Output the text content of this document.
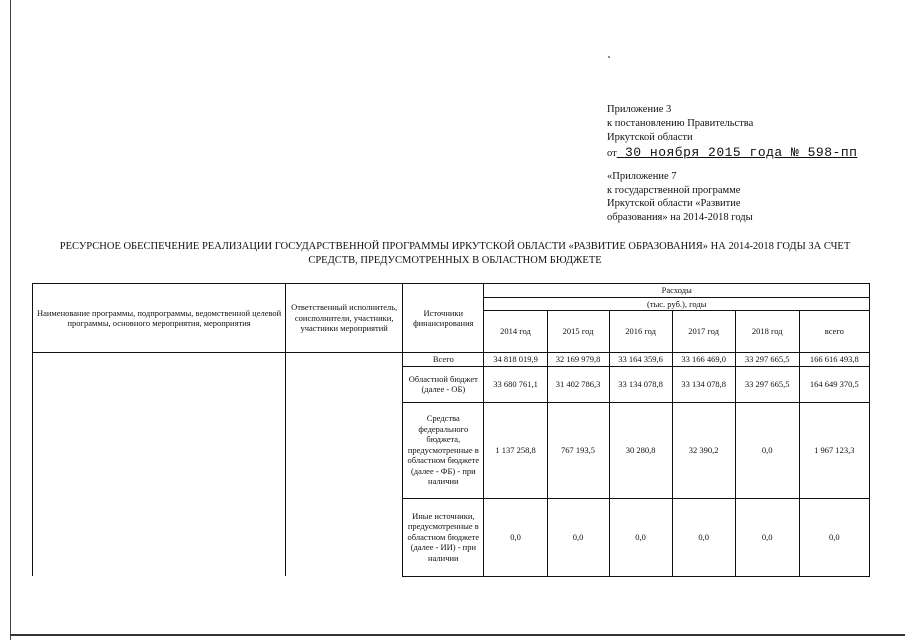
Приложение 3
к постановлению Правительства
Иркутской области
от 30 ноября 2015 года № 598-пп
«Приложение 7
к государственной программе
Иркутской области «Развитие
образования» на 2014-2018 годы
РЕСУРСНОЕ ОБЕСПЕЧЕНИЕ РЕАЛИЗАЦИИ ГОСУДАРСТВЕННОЙ ПРОГРАММЫ ИРКУТСКОЙ ОБЛАСТИ «РАЗВИТИЕ ОБРАЗОВАНИЯ» НА 2014-2018 ГОДЫ ЗА СЧЕТ
СРЕДСТВ, ПРЕДУСМОТРЕННЫХ В ОБЛАСТНОМ БЮДЖЕТЕ
Наименование программы, подпрограммы, ведомственной целевой программы, основного мероприятия, мероприятия	Ответственный исполнитель, соисполнители, участники, участники мероприятий	Источники финансирования	Расходы					
			(тыс. руб.), годы					
			2014 год	2015 год	2016 год	2017 год	2018 год	всего
		Всего	34 818 019,9	32 169 979,8	33 164 359,6	33 166 469,0	33 297 665,5	166 616 493,8
		Областной бюджет (далее - ОБ)	33 680 761,1	31 402 786,3	33 134 078,8	33 134 078,8	33 297 665,5	164 649 370,5
		Средства федерального бюджета, предусмотренные в областном бюджете (далее - ФБ) - при наличии	1 137 258,8	767 193,5	30 280,8	32 390,2	0,0	1 967 123,3
		Иные источники, предусмотренные в областном бюджете (далее - ИИ) - при наличии	0,0	0,0	0,0	0,0	0,0	0,0
